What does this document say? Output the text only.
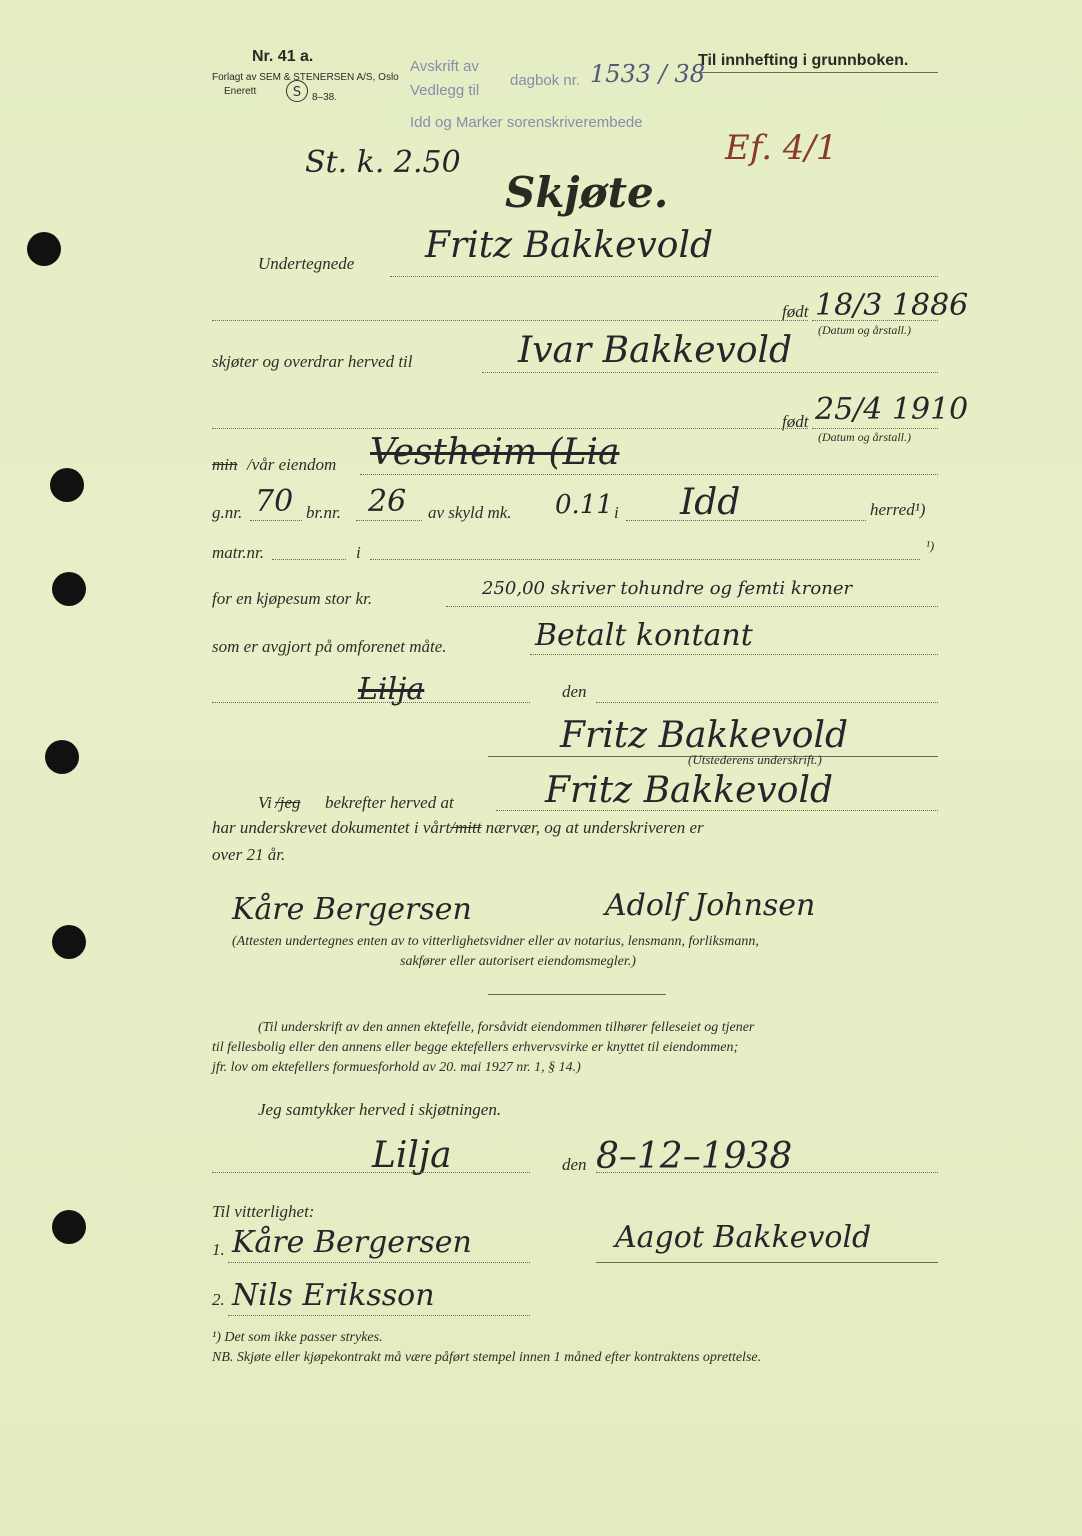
Nr. 41 a.
Forlagt av SEM & STENERSEN A/S, Oslo
Enerett	S 8–38.
Til innhefting i grunnboken.
Avskrift av
Vedlegg til
Idd og Marker sorenskriverembede
dagbok nr. 1533 / 38
St. k. 2.50	Ef. 4/1
Skjøte.
Undertegnede Fritz Bakkevold
født 18/3 1886
(Datum og årstall.)
skjøter og overdrar herved til	Ivar Bakkevold
født 25/4 1910
(Datum og årstall.)
min /vår eiendom Vestheim (Lia
g.nr. 70 br.nr. 26 av skyld mk. 0.11 i Idd	herred¹)
matr.nr.	i	¹)
for en kjøpesum stor kr.	250,00 skriver tohundre og femti kroner
som er avgjort på omforenet måte.	Betalt kontant
Lilja	den
Fritz Bakkevold
(Utstederens underskrift.)
Vi /jeg bekrefter herved at	Fritz Bakkevold
har underskrevet dokumentet i vårt/mitt nærvær, og at underskriveren er
over 21 år.
Kåre Bergersen	Adolf Johnsen
(Attesten undertegnes enten av to vitterlighetsvidner eller av notarius, lensmann, forliksmann,
sakfører eller autorisert eiendomsmegler.)
(Til underskrift av den annen ektefelle, forsåvidt eiendommen tilhører felleseiet og tjener
til fellesbolig eller den annens eller begge ektefellers erhvervsvirke er knyttet til eiendommen;
jfr. lov om ektefellers formuesforhold av 20. mai 1927 nr. 1, § 14.)
Jeg samtykker herved i skjøtningen.
Lilja	den 8–12–1938
Til vitterlighet:
1. Kåre Bergersen	Aagot Bakkevold
2. Nils Eriksson
¹) Det som ikke passer strykes.
NB. Skjøte eller kjøpekontrakt må være påført stempel innen 1 måned efter kontraktens oprettelse.
